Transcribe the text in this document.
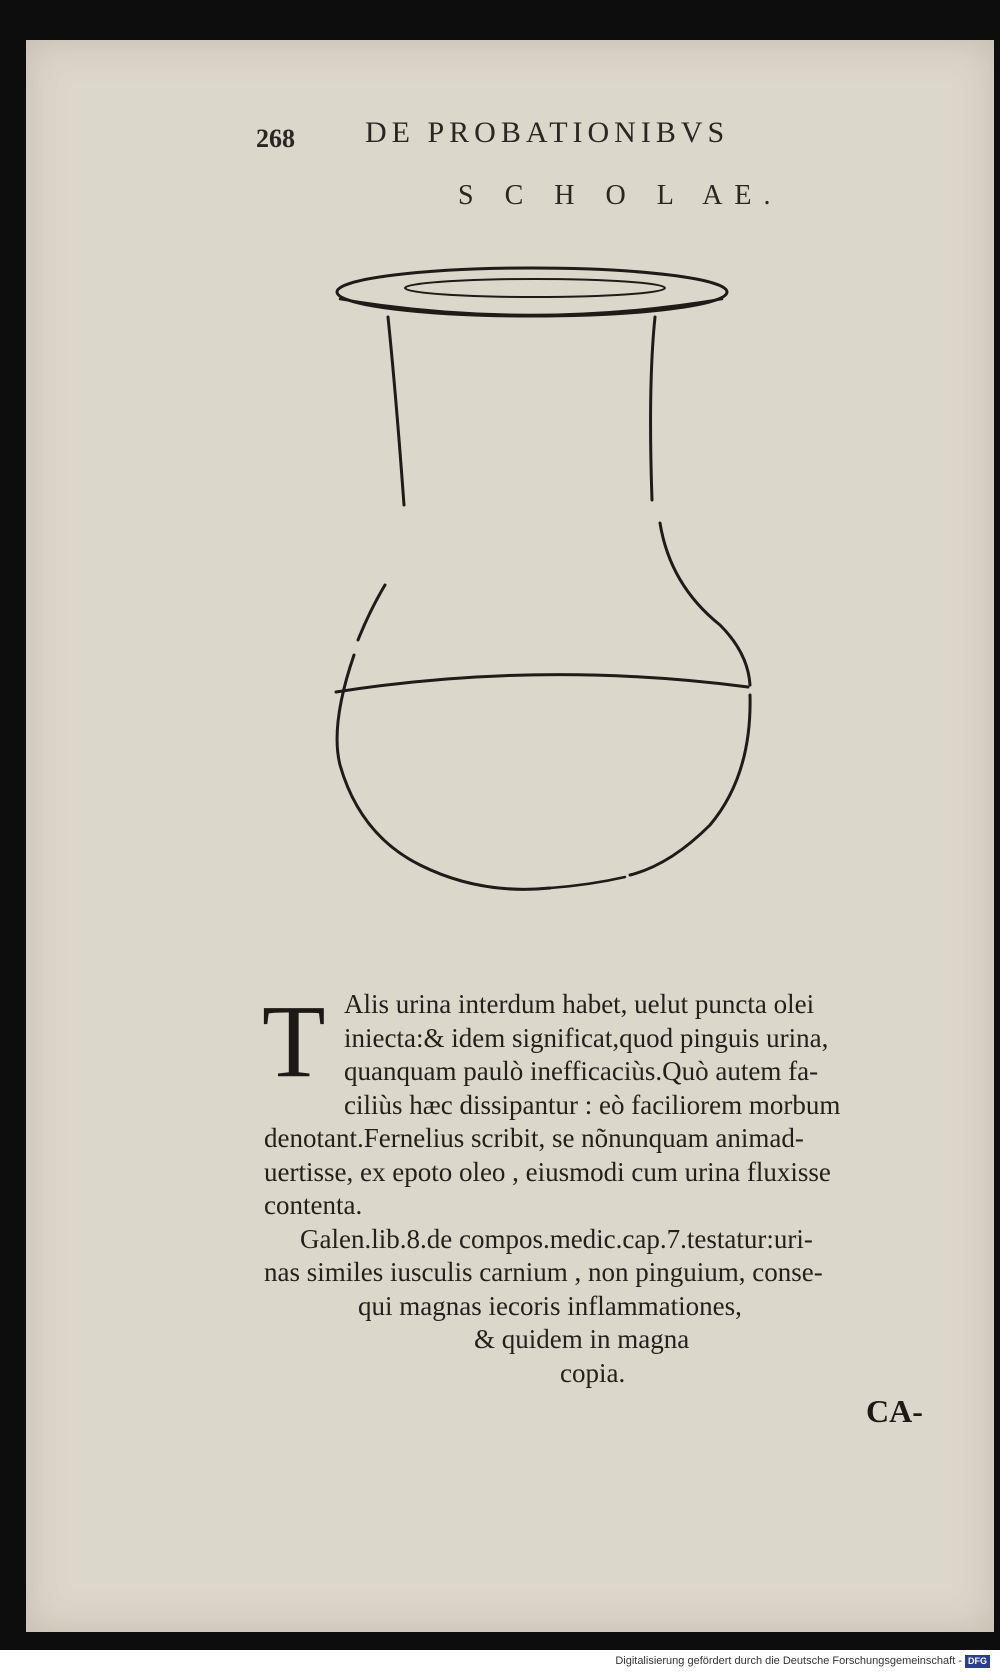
268 DE PROBATIONIBVS
S C H O L AE.
T Alis urina interdum habet, uelut puncta olei
iniecta:& idem significat,quod pinguis urina,
quanquam paulò inefficaciùs.Quò autem fa-
ciliùs hæc dissipantur : eò faciliorem morbum
denotant.Fernelius scribit, se nõnunquam animad-
uertisse, ex epoto oleo , eiusmodi cum urina fluxisse
contenta.
Galen.lib.8.de compos.medic.cap.7.testatur:uri-
nas similes iusculis carnium , non pinguium, conse-
qui magnas iecoris inflammationes,
& quidem in magna
copia.
CA-
Digitalisierung gefördert durch die Deutsche Forschungsgemeinschaft - DFG
